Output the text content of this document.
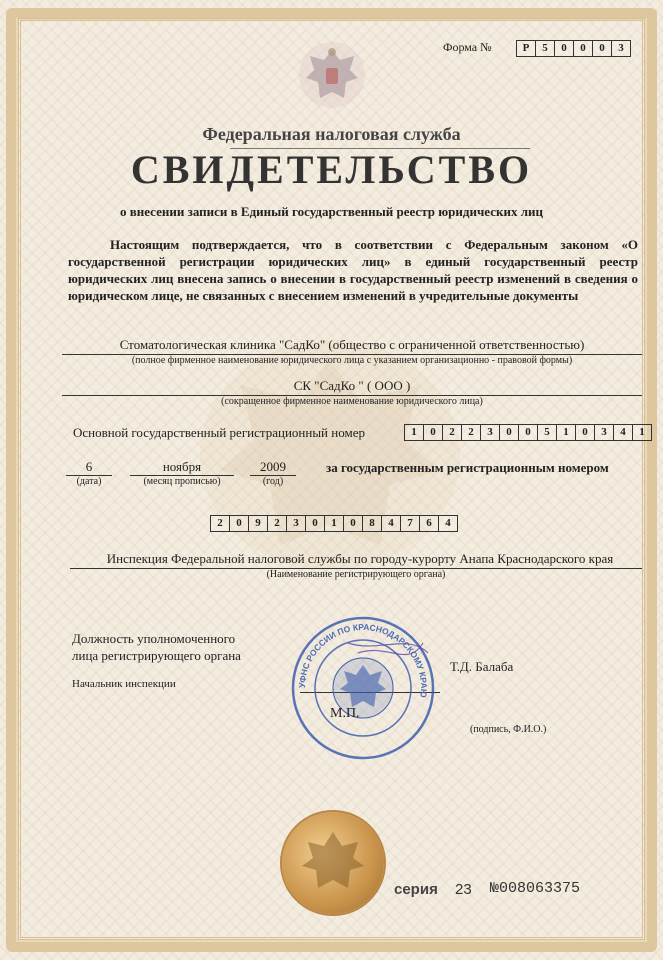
Форма №	Р	5	0	0	0	3
Федеральная налоговая служба
СВИДЕТЕЛЬСТВО
о внесении записи в Единый государственный реестр юридических лиц
Настоящим подтверждается, что в соответствии с Федеральным законом «О государственной регистрации юридических лиц» в единый государственный реестр юридических лиц внесена запись о внесении в государственный реестр изменений в сведения о юридическом лице, не связанных с внесением изменений в учредительные документы
Стоматологическая клиника "СадКо" (общество с ограниченной ответственностью)
(полное фирменное наименование юридического лица с указанием организационно - правовой формы)
СК "СадКо " ( ООО )
(сокращенное фирменное наименование юридического лица)
Основной государственный регистрационный номер	1	0	2	2	3	0	0	5	1	0	3	4	1
6
(дата)
ноября
(месяц прописью)
2009
(год)
за государственным регистрационным номером
2	0	9	2	3	0	1	0	8	4	7	6	4
Инспекция Федеральной налоговой службы по городу-курорту Анапа Краснодарского края
(Наименование регистрирующего органа)
Должность уполномоченного
лица регистрирующего органа
Начальник инспекции
Т.Д. Балаба
(подпись, Ф.И.О.)
УФНС РОССИИ ПО КРАСНОДАРСКОМУ КРАЮ
М.П.
серия 23 №008063375
